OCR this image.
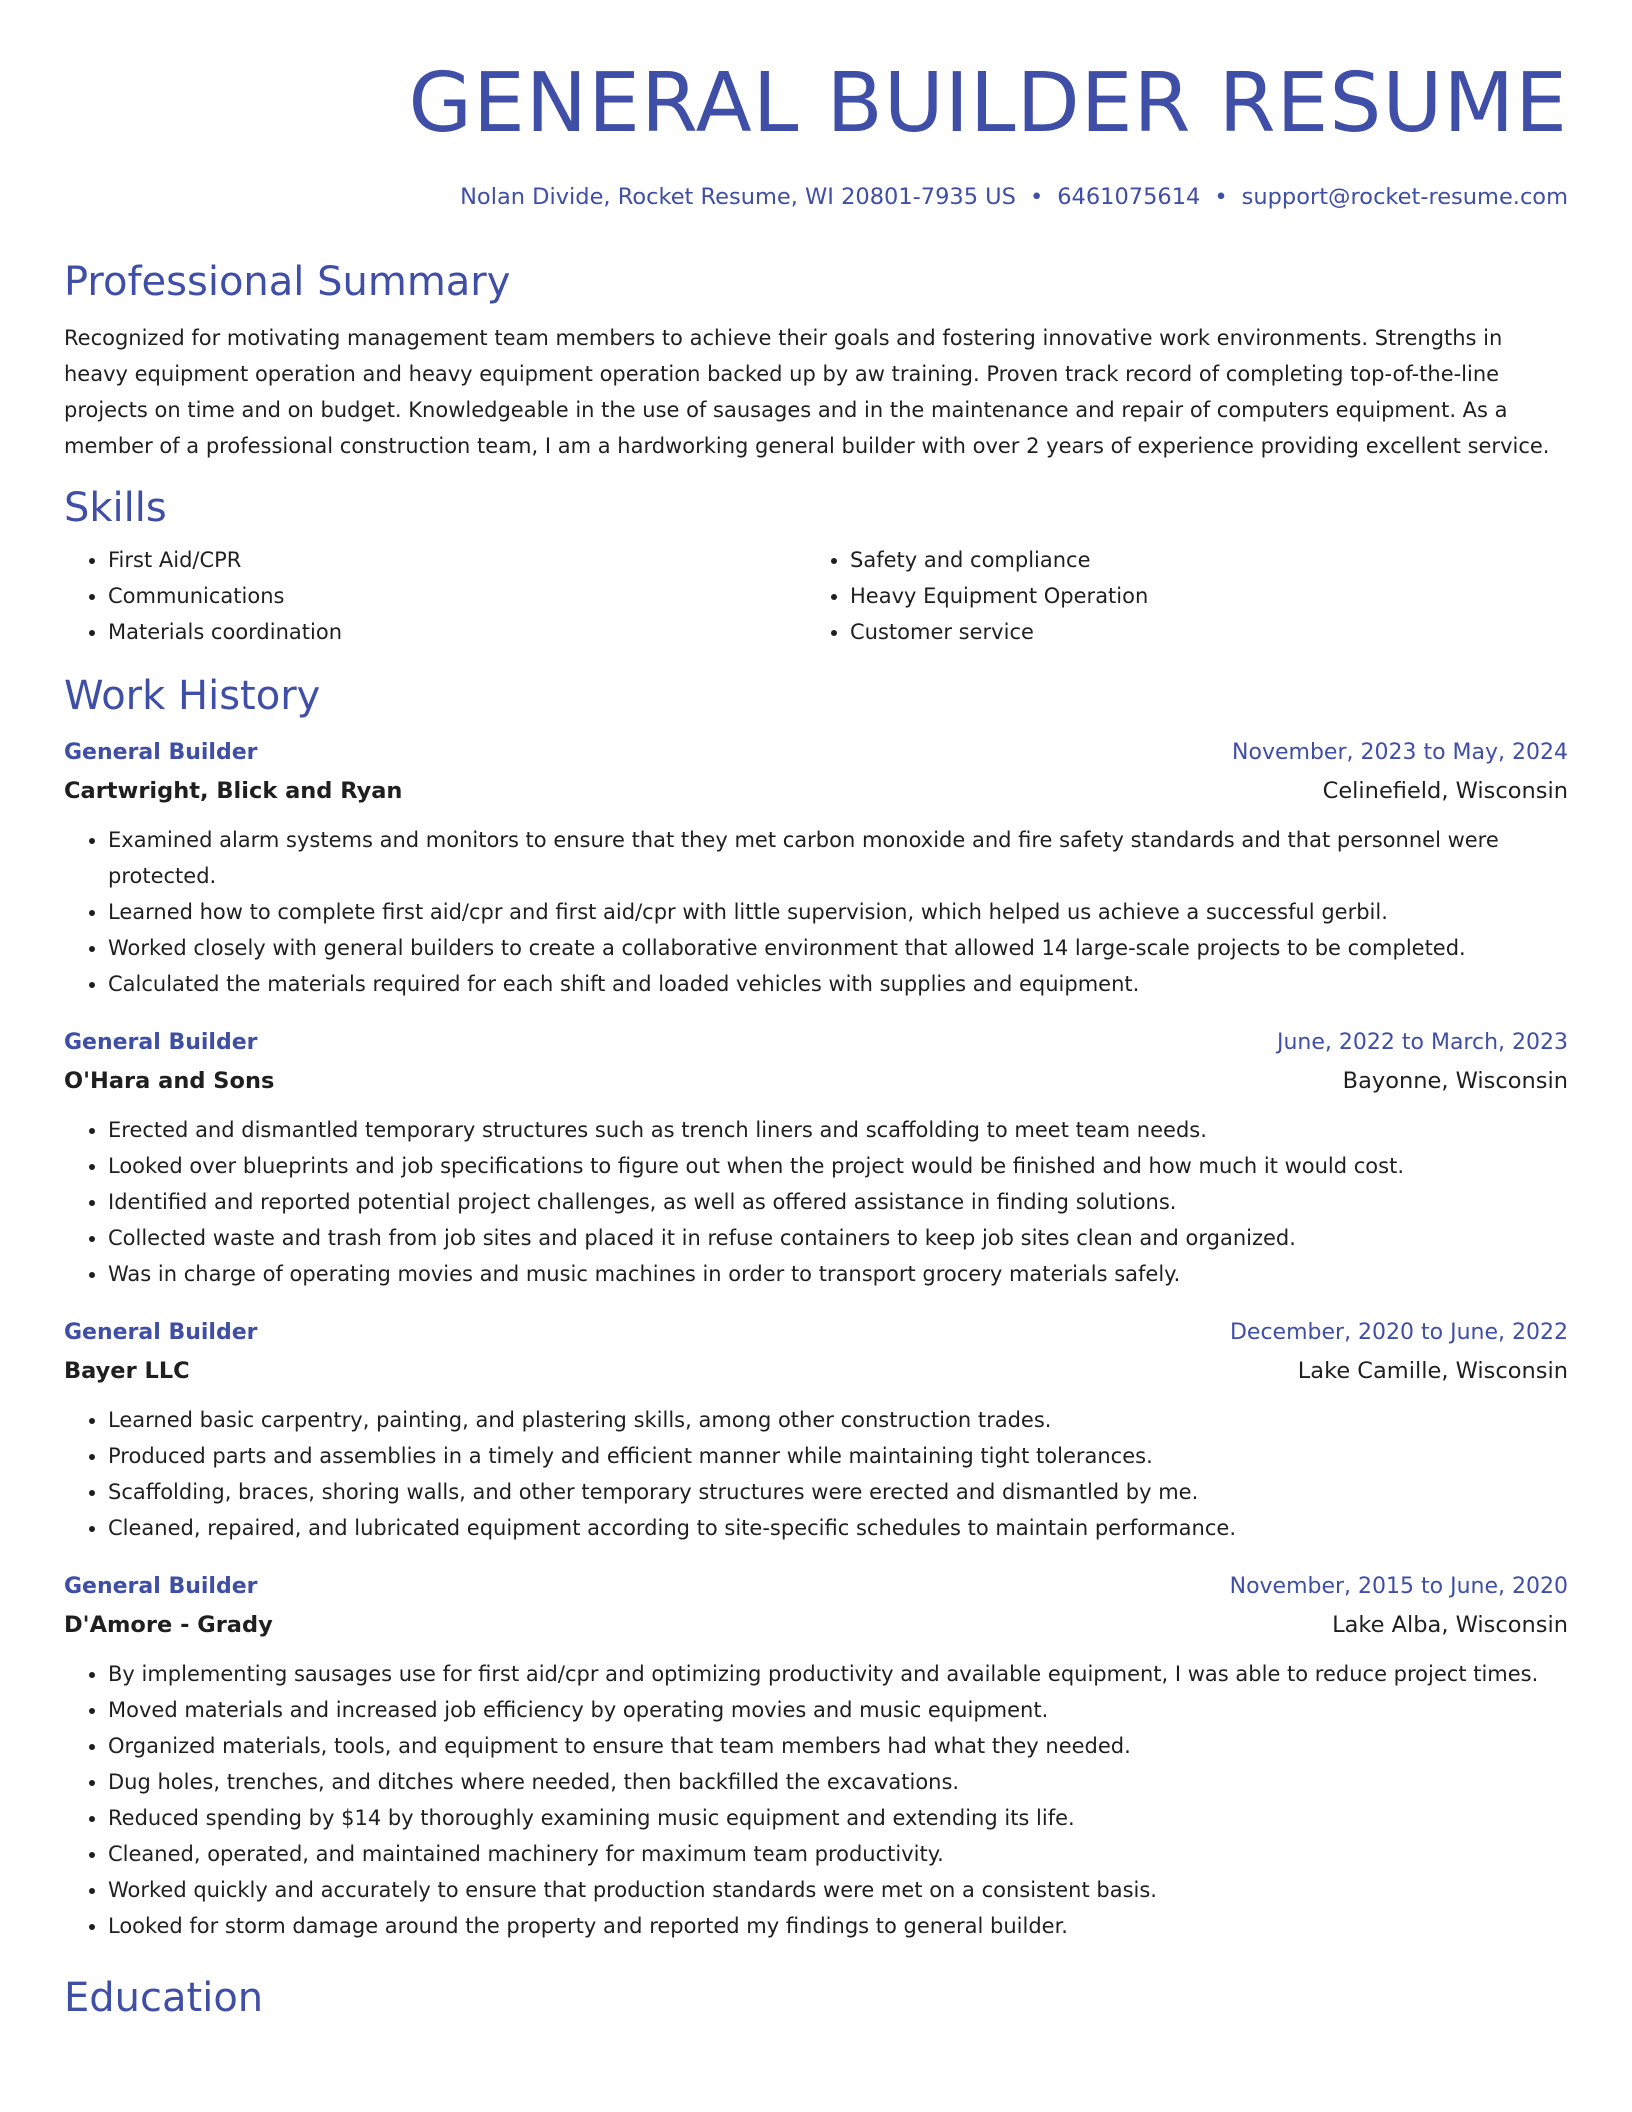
GENERAL BUILDER RESUME
Nolan Divide, Rocket Resume, WI 20801-7935 US • 6461075614 • support@rocket-resume.com
Professional Summary
Recognized for motivating management team members to achieve their goals and fostering innovative work environments. Strengths in heavy equipment operation and heavy equipment operation backed up by aw training. Proven track record of completing top-of-the-line projects on time and on budget. Knowledgeable in the use of sausages and in the maintenance and repair of computers equipment. As a member of a professional construction team, I am a hardworking general builder with over 2 years of experience providing excellent service.
Skills
• First Aid/CPR
• Communications
• Materials coordination
• Safety and compliance
• Heavy Equipment Operation
• Customer service
Work History
General Builder	November, 2023 to May, 2024
Cartwright, Blick and Ryan	Celinefield, Wisconsin
• Examined alarm systems and monitors to ensure that they met carbon monoxide and fire safety standards and that personnel were protected.
• Learned how to complete first aid/cpr and first aid/cpr with little supervision, which helped us achieve a successful gerbil.
• Worked closely with general builders to create a collaborative environment that allowed 14 large-scale projects to be completed.
• Calculated the materials required for each shift and loaded vehicles with supplies and equipment.
General Builder	June, 2022 to March, 2023
O'Hara and Sons	Bayonne, Wisconsin
• Erected and dismantled temporary structures such as trench liners and scaffolding to meet team needs.
• Looked over blueprints and job specifications to figure out when the project would be finished and how much it would cost.
• Identified and reported potential project challenges, as well as offered assistance in finding solutions.
• Collected waste and trash from job sites and placed it in refuse containers to keep job sites clean and organized.
• Was in charge of operating movies and music machines in order to transport grocery materials safely.
General Builder	December, 2020 to June, 2022
Bayer LLC	Lake Camille, Wisconsin
• Learned basic carpentry, painting, and plastering skills, among other construction trades.
• Produced parts and assemblies in a timely and efficient manner while maintaining tight tolerances.
• Scaffolding, braces, shoring walls, and other temporary structures were erected and dismantled by me.
• Cleaned, repaired, and lubricated equipment according to site-specific schedules to maintain performance.
General Builder	November, 2015 to June, 2020
D'Amore - Grady	Lake Alba, Wisconsin
• By implementing sausages use for first aid/cpr and optimizing productivity and available equipment, I was able to reduce project times.
• Moved materials and increased job efficiency by operating movies and music equipment.
• Organized materials, tools, and equipment to ensure that team members had what they needed.
• Dug holes, trenches, and ditches where needed, then backfilled the excavations.
• Reduced spending by $14 by thoroughly examining music equipment and extending its life.
• Cleaned, operated, and maintained machinery for maximum team productivity.
• Worked quickly and accurately to ensure that production standards were met on a consistent basis.
• Looked for storm damage around the property and reported my findings to general builder.
Education
